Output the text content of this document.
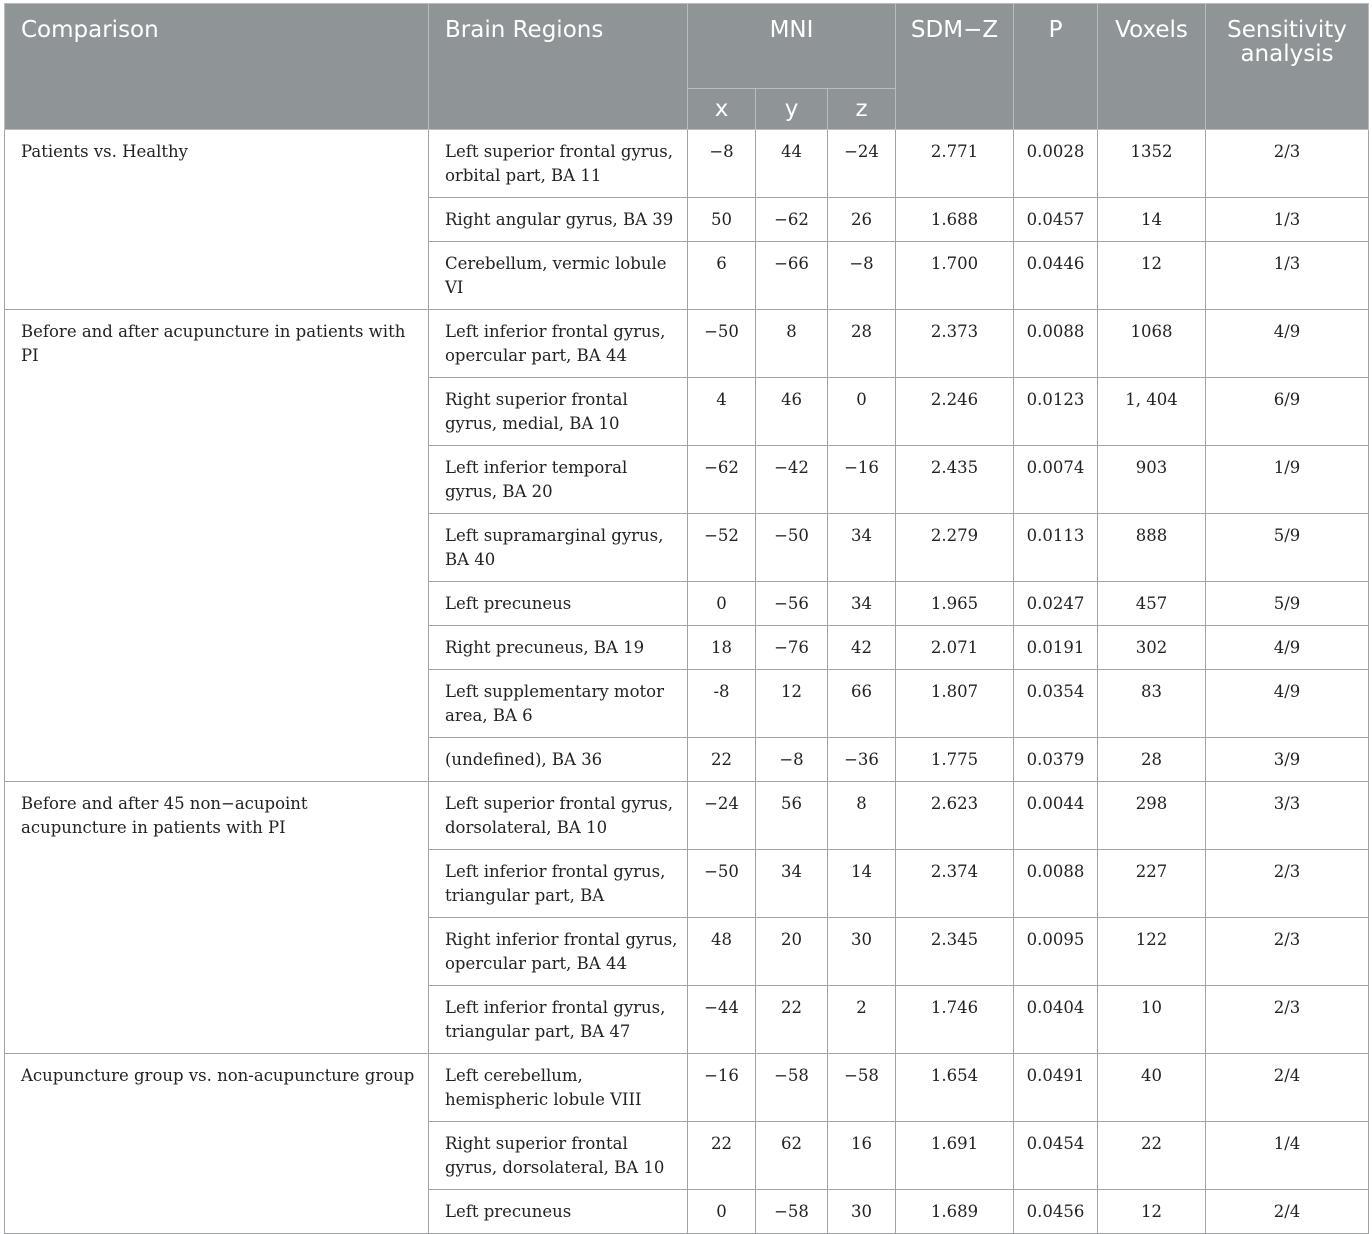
Comparison	Brain Regions	MNI			SDM−Z	P	Voxels	Sensitivity analysis
		x	y	z				
Patients vs. Healthy	Left superior frontal gyrus, orbital part, BA 11	−8	44	−24	2.771	0.0028	1352	2/3
	Right angular gyrus, BA 39	50	−62	26	1.688	0.0457	14	1/3
	Cerebellum, vermic lobule VI	6	−66	−8	1.700	0.0446	12	1/3
Before and after acupuncture in patients with PI	Left inferior frontal gyrus, opercular part, BA 44	−50	8	28	2.373	0.0088	1068	4/9
	Right superior frontal gyrus, medial, BA 10	4	46	0	2.246	0.0123	1, 404	6/9
	Left inferior temporal gyrus, BA 20	−62	−42	−16	2.435	0.0074	903	1/9
	Left supramarginal gyrus, BA 40	−52	−50	34	2.279	0.0113	888	5/9
	Left precuneus	0	−56	34	1.965	0.0247	457	5/9
	Right precuneus, BA 19	18	−76	42	2.071	0.0191	302	4/9
	Left supplementary motor area, BA 6	-8	12	66	1.807	0.0354	83	4/9
	(undefined), BA 36	22	−8	−36	1.775	0.0379	28	3/9
Before and after 45 non−acupoint acupuncture in patients with PI	Left superior frontal gyrus, dorsolateral, BA 10	−24	56	8	2.623	0.0044	298	3/3
	Left inferior frontal gyrus, triangular part, BA	−50	34	14	2.374	0.0088	227	2/3
	Right inferior frontal gyrus, opercular part, BA 44	48	20	30	2.345	0.0095	122	2/3
	Left inferior frontal gyrus, triangular part, BA 47	−44	22	2	1.746	0.0404	10	2/3
Acupuncture group vs. non-acupuncture group	Left cerebellum, hemispheric lobule VIII	−16	−58	−58	1.654	0.0491	40	2/4
	Right superior frontal gyrus, dorsolateral, BA 10	22	62	16	1.691	0.0454	22	1/4
	Left precuneus	0	−58	30	1.689	0.0456	12	2/4
